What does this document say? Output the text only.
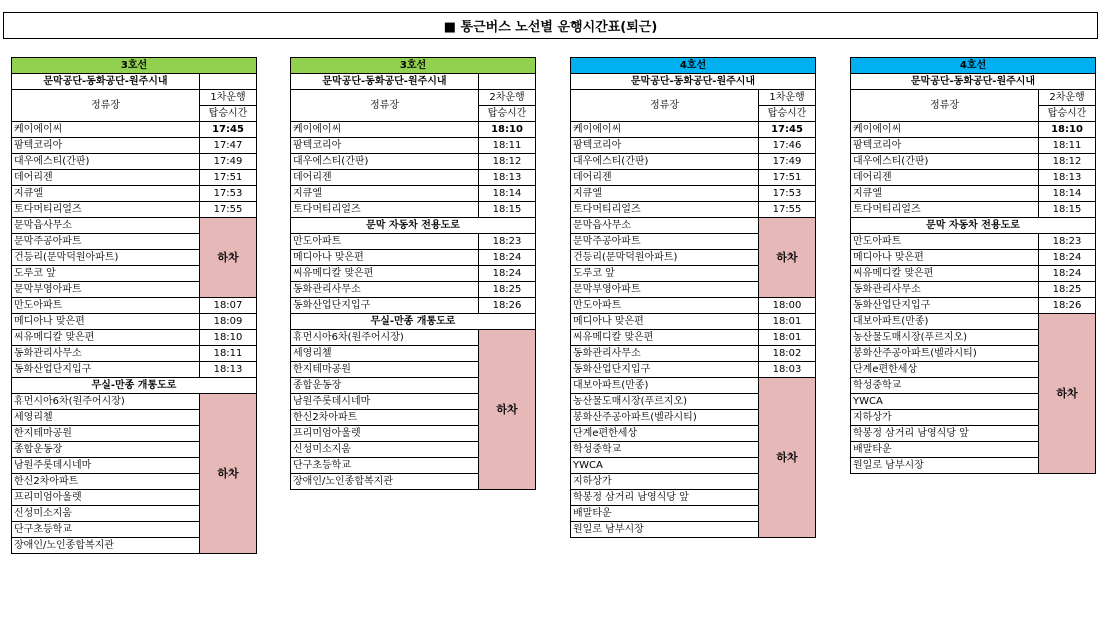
■ 통근버스 노선별 운행시간표(퇴근)
3호선	
문막공단-동화공단-원주시내	
정류장	1차운행
	탑승시간
케이에이씨	17:45
팜텍코리아	17:47
대우에스티(간판)	17:49
데어리젠	17:51
지큐엘	17:53
토다머티리얼즈	17:55
문막읍사무소	하차
문막주공아파트	
건등리(문막덕원아파트)	
도루코 앞	
문막부영아파트	
만도아파트	18:07
메디아나 맞은편	18:09
씨유메디칼 맞은편	18:10
동화관리사무소	18:11
동화산업단지입구	18:13
무실-만종 개통도로	
휴먼시아6차(원주어시장)	하차
세영리첼	
한지테마공원	
종합운동장	
남원주롯데시네마	
한신2차아파트	
프리미엄아울렛	
신성미소지움	
단구초등학교	
장애인/노인종합복지관	
3호선	
문막공단-동화공단-원주시내	
정류장	2차운행
	탑승시간
케이에이씨	18:10
팜텍코리아	18:11
대우에스티(간판)	18:12
데어리젠	18:13
지큐엘	18:14
토다머티리얼즈	18:15
문막 자동차 전용도로	
만도아파트	18:23
메디아나 맞은편	18:24
씨유메디칼 맞은편	18:24
동화관리사무소	18:25
동화산업단지입구	18:26
무실-만종 개통도로	
휴먼시아6차(원주어시장)	하차
세영리첼	
한지테마공원	
종합운동장	
남원주롯데시네마	
한신2차아파트	
프리미엄아울렛	
신성미소지움	
단구초등학교	
장애인/노인종합복지관	
4호선	
문막공단-동화공단-원주시내	
정류장	1차운행
	탑승시간
케이에이씨	17:45
팜텍코리아	17:46
대우에스티(간판)	17:49
데어리젠	17:51
지큐엘	17:53
토다머티리얼즈	17:55
문막읍사무소	하차
문막주공아파트	
건등리(문막덕원아파트)	
도루코 앞	
문막부영아파트	
만도아파트	18:00
메디아나 맞은편	18:01
씨유메디칼 맞은편	18:01
동화관리사무소	18:02
동화산업단지입구	18:03
대보아파트(만종)	하차
농산물도매시장(푸르지오)	
봉화산주공아파트(벨라시티)	
단계e편한세상	
학성중학교	
YWCA	
지하상가	
학봉정 삼거리 남영식당 앞	
배말타운	
원일로 남부시장	
4호선	
문막공단-동화공단-원주시내	
정류장	2차운행
	탑승시간
케이에이씨	18:10
팜텍코리아	18:11
대우에스티(간판)	18:12
데어리젠	18:13
지큐엘	18:14
토다머티리얼즈	18:15
문막 자동차 전용도로	
만도아파트	18:23
메디아나 맞은편	18:24
씨유메디칼 맞은편	18:24
동화관리사무소	18:25
동화산업단지입구	18:26
대보아파트(만종)	하차
농산물도매시장(푸르지오)	
봉화산주공아파트(벨라시티)	
단계e편한세상	
학성중학교	
YWCA	
지하상가	
학봉정 삼거리 남영식당 앞	
배말타운	
원일로 남부시장	
